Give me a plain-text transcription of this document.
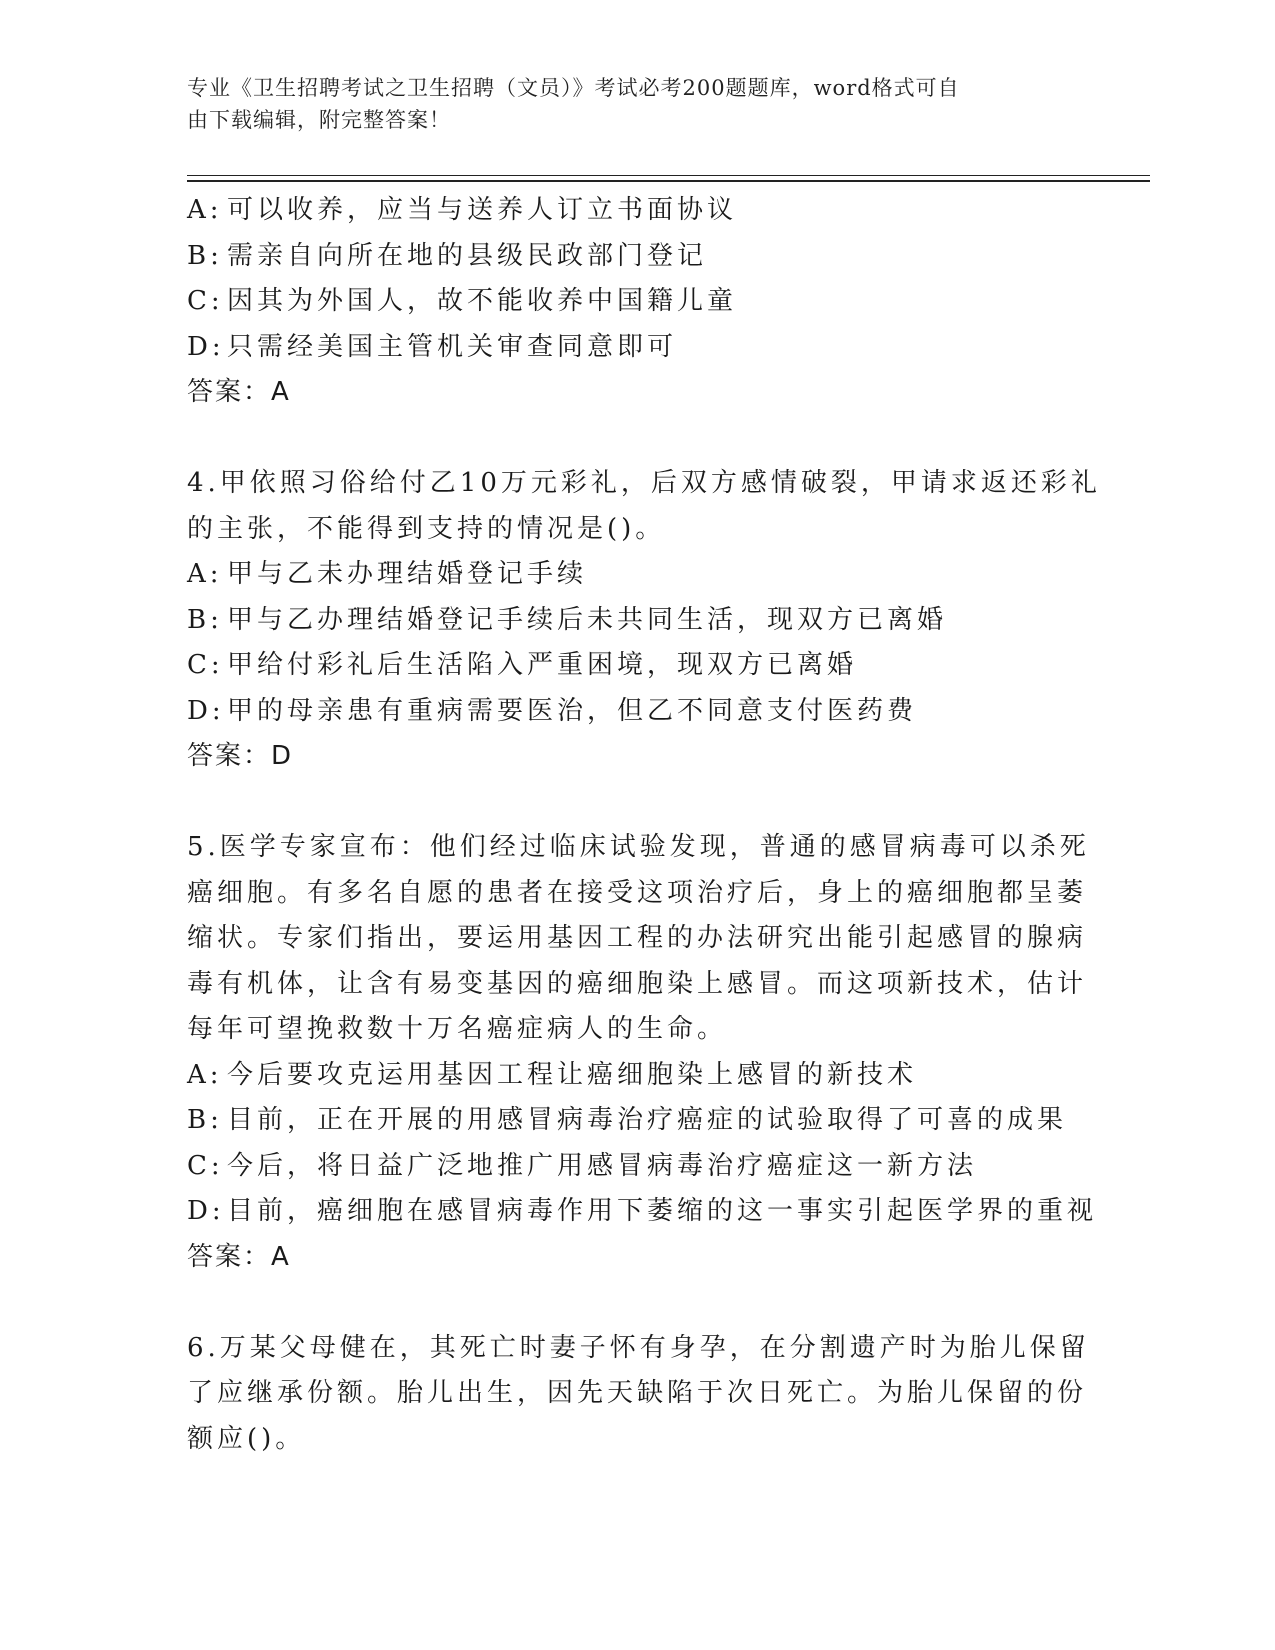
专业《卫生招聘考试之卫生招聘（文员）》考试必考200题题库，word格式可自
由下载编辑，附完整答案！
A: 可以收养，应当与送养人订立书面协议
B: 需亲自向所在地的县级民政部门登记
C: 因其为外国人，故不能收养中国籍儿童
D:只需经美国主管机关审查同意即可
答案：A
4.甲依照习俗给付乙10万元彩礼，后双方感情破裂，甲请求返还彩礼
的主张，不能得到支持的情况是()。
A: 甲与乙未办理结婚登记手续
B: 甲与乙办理结婚登记手续后未共同生活，现双方已离婚
C: 甲给付彩礼后生活陷入严重困境，现双方已离婚
D:甲的母亲患有重病需要医治，但乙不同意支付医药费
答案：D
5.医学专家宣布：他们经过临床试验发现，普通的感冒病毒可以杀死
癌细胞。有多名自愿的患者在接受这项治疗后，身上的癌细胞都呈萎
缩状。专家们指出，要运用基因工程的办法研究出能引起感冒的腺病
毒有机体，让含有易变基因的癌细胞染上感冒。而这项新技术，估计
每年可望挽救数十万名癌症病人的生命。
A: 今后要攻克运用基因工程让癌细胞染上感冒的新技术
B: 目前，正在开展的用感冒病毒治疗癌症的试验取得了可喜的成果
C: 今后，将日益广泛地推广用感冒病毒治疗癌症这一新方法
D:目前，癌细胞在感冒病毒作用下萎缩的这一事实引起医学界的重视
答案：A
6.万某父母健在，其死亡时妻子怀有身孕，在分割遗产时为胎儿保留
了应继承份额。胎儿出生，因先天缺陷于次日死亡。为胎儿保留的份
额应()。
